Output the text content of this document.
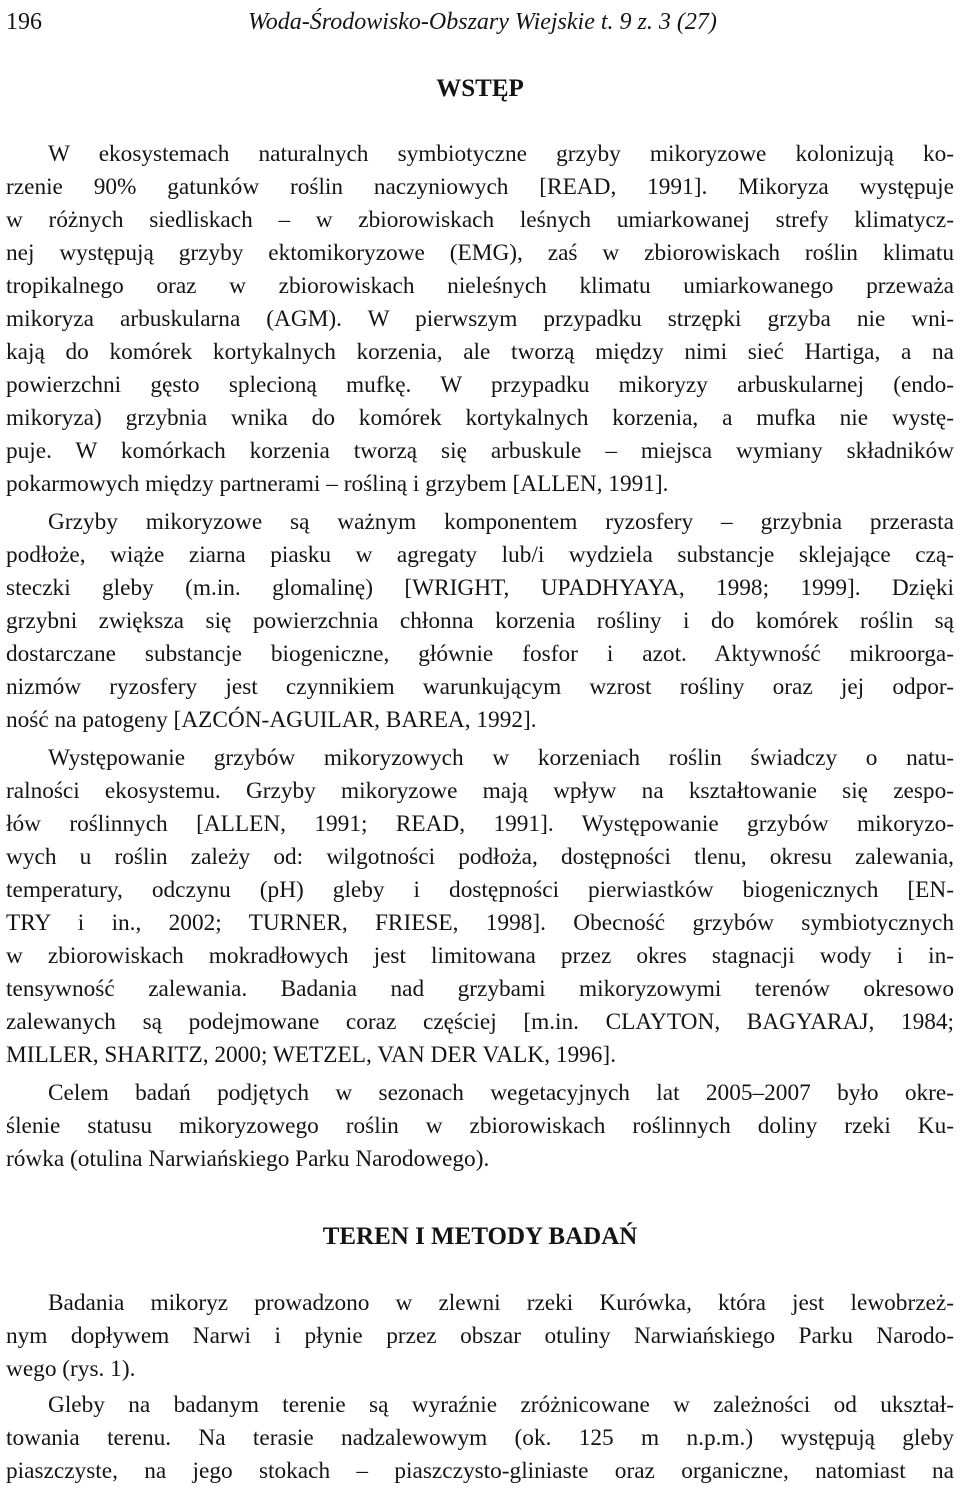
196	Woda-Środowisko-Obszary Wiejskie t. 9 z. 3 (27)
WSTĘP
W ekosystemach naturalnych symbiotyczne grzyby mikoryzowe kolonizują ko-
rzenie 90% gatunków roślin naczyniowych [READ, 1991]. Mikoryza występuje
w różnych siedliskach – w zbiorowiskach leśnych umiarkowanej strefy klimatycz-
nej występują grzyby ektomikoryzowe (EMG), zaś w zbiorowiskach roślin klimatu
tropikalnego oraz w zbiorowiskach nieleśnych klimatu umiarkowanego przeważa
mikoryza arbuskularna (AGM). W pierwszym przypadku strzępki grzyba nie wni-
kają do komórek kortykalnych korzenia, ale tworzą między nimi sieć Hartiga, a na
powierzchni gęsto splecioną mufkę. W przypadku mikoryzy arbuskularnej (endo-
mikoryza) grzybnia wnika do komórek kortykalnych korzenia, a mufka nie wystę-
puje. W komórkach korzenia tworzą się arbuskule – miejsca wymiany składników
pokarmowych między partnerami – rośliną i grzybem [ALLEN, 1991].
Grzyby mikoryzowe są ważnym komponentem ryzosfery – grzybnia przerasta
podłoże, wiąże ziarna piasku w agregaty lub/i wydziela substancje sklejające czą-
steczki gleby (m.in. glomalinę) [WRIGHT, UPADHYAYA, 1998; 1999]. Dzięki
grzybni zwiększa się powierzchnia chłonna korzenia rośliny i do komórek roślin są
dostarczane substancje biogeniczne, głównie fosfor i azot. Aktywność mikroorga-
nizmów ryzosfery jest czynnikiem warunkującym wzrost rośliny oraz jej odpor-
ność na patogeny [AZCÓN-AGUILAR, BAREA, 1992].
Występowanie grzybów mikoryzowych w korzeniach roślin świadczy o natu-
ralności ekosystemu. Grzyby mikoryzowe mają wpływ na kształtowanie się zespo-
łów roślinnych [ALLEN, 1991; READ, 1991]. Występowanie grzybów mikoryzo-
wych u roślin zależy od: wilgotności podłoża, dostępności tlenu, okresu zalewania,
temperatury, odczynu (pH) gleby i dostępności pierwiastków biogenicznych [EN-
TRY i in., 2002; TURNER, FRIESE, 1998]. Obecność grzybów symbiotycznych
w zbiorowiskach mokradłowych jest limitowana przez okres stagnacji wody i in-
tensywność zalewania. Badania nad grzybami mikoryzowymi terenów okresowo
zalewanych są podejmowane coraz częściej [m.in. CLAYTON, BAGYARAJ, 1984;
MILLER, SHARITZ, 2000; WETZEL, VAN DER VALK, 1996].
Celem badań podjętych w sezonach wegetacyjnych lat 2005–2007 było okre-
ślenie statusu mikoryzowego roślin w zbiorowiskach roślinnych doliny rzeki Ku-
rówka (otulina Narwiańskiego Parku Narodowego).
TEREN I METODY BADAŃ
Badania mikoryz prowadzono w zlewni rzeki Kurówka, która jest lewobrzeż-
nym dopływem Narwi i płynie przez obszar otuliny Narwiańskiego Parku Narodo-
wego (rys. 1).
Gleby na badanym terenie są wyraźnie zróżnicowane w zależności od ukształ-
towania terenu. Na terasie nadzalewowym (ok. 125 m n.p.m.) występują gleby
piaszczyste, na jego stokach – piaszczysto-gliniaste oraz organiczne, natomiast na
